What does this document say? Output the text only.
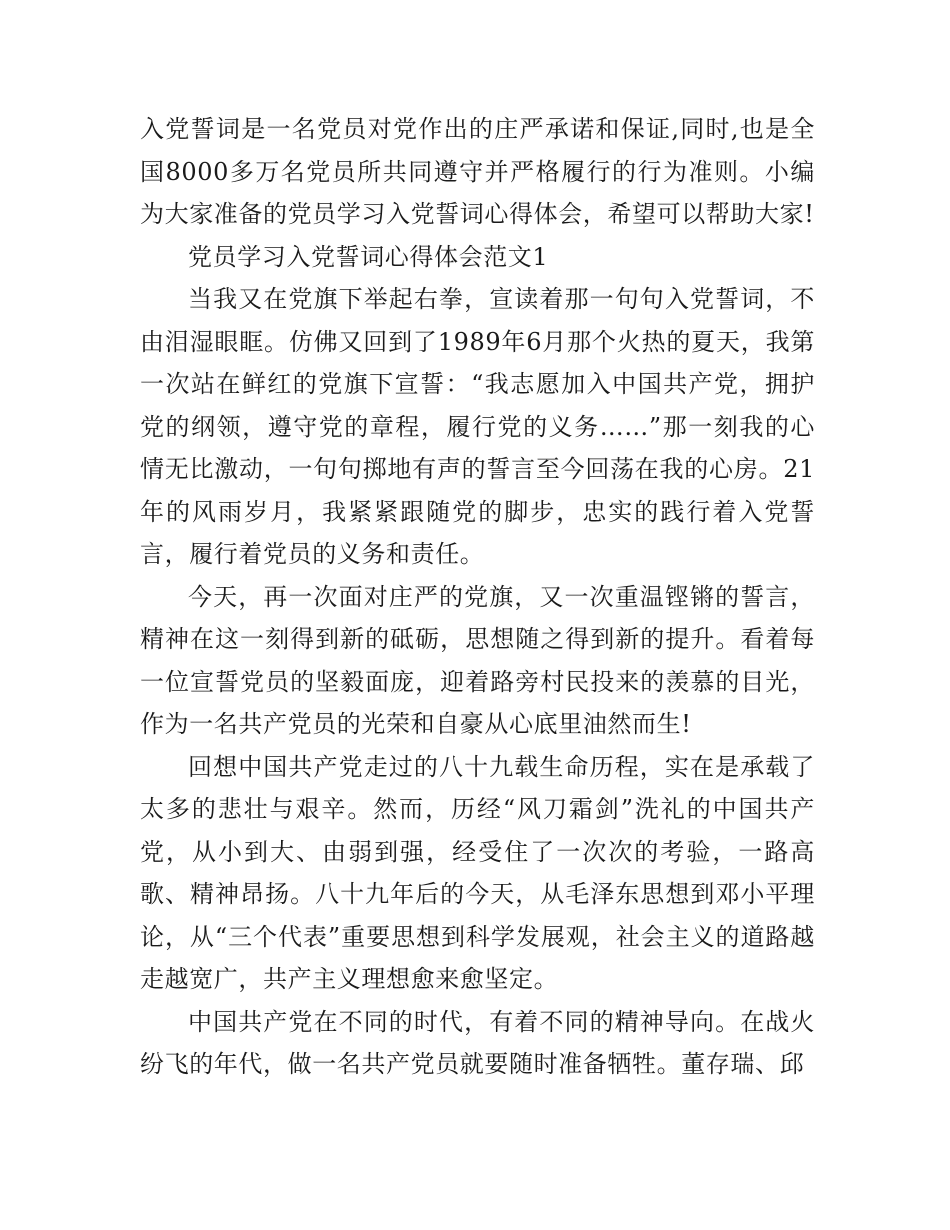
入党誓词是一名党员对党作出的庄严承诺和保证,同时,也是全国8000多万名党员所共同遵守并严格履行的行为准则。小编为大家准备的党员学习入党誓词心得体会，希望可以帮助大家!

党员学习入党誓词心得体会范文1

当我又在党旗下举起右拳，宣读着那一句句入党誓词，不由泪湿眼眶。仿佛又回到了1989年6月那个火热的夏天，我第一次站在鲜红的党旗下宣誓：“我志愿加入中国共产党，拥护党的纲领，遵守党的章程，履行党的义务……”那一刻我的心情无比激动，一句句掷地有声的誓言至今回荡在我的心房。21年的风雨岁月，我紧紧跟随党的脚步，忠实的践行着入党誓言，履行着党员的义务和责任。

今天，再一次面对庄严的党旗，又一次重温铿锵的誓言，精神在这一刻得到新的砥砺，思想随之得到新的提升。看着每一位宣誓党员的坚毅面庞，迎着路旁村民投来的羡慕的目光，作为一名共产党员的光荣和自豪从心底里油然而生!

回想中国共产党走过的八十九载生命历程，实在是承载了太多的悲壮与艰辛。然而，历经“风刀霜剑”洗礼的中国共产党，从小到大、由弱到强，经受住了一次次的考验，一路高歌、精神昂扬。八十九年后的今天，从毛泽东思想到邓小平理论，从“三个代表”重要思想到科学发展观，社会主义的道路越走越宽广，共产主义理想愈来愈坚定。

中国共产党在不同的时代，有着不同的精神导向。在战火纷飞的年代，做一名共产党员就要随时准备牺牲。董存瑞、邱
